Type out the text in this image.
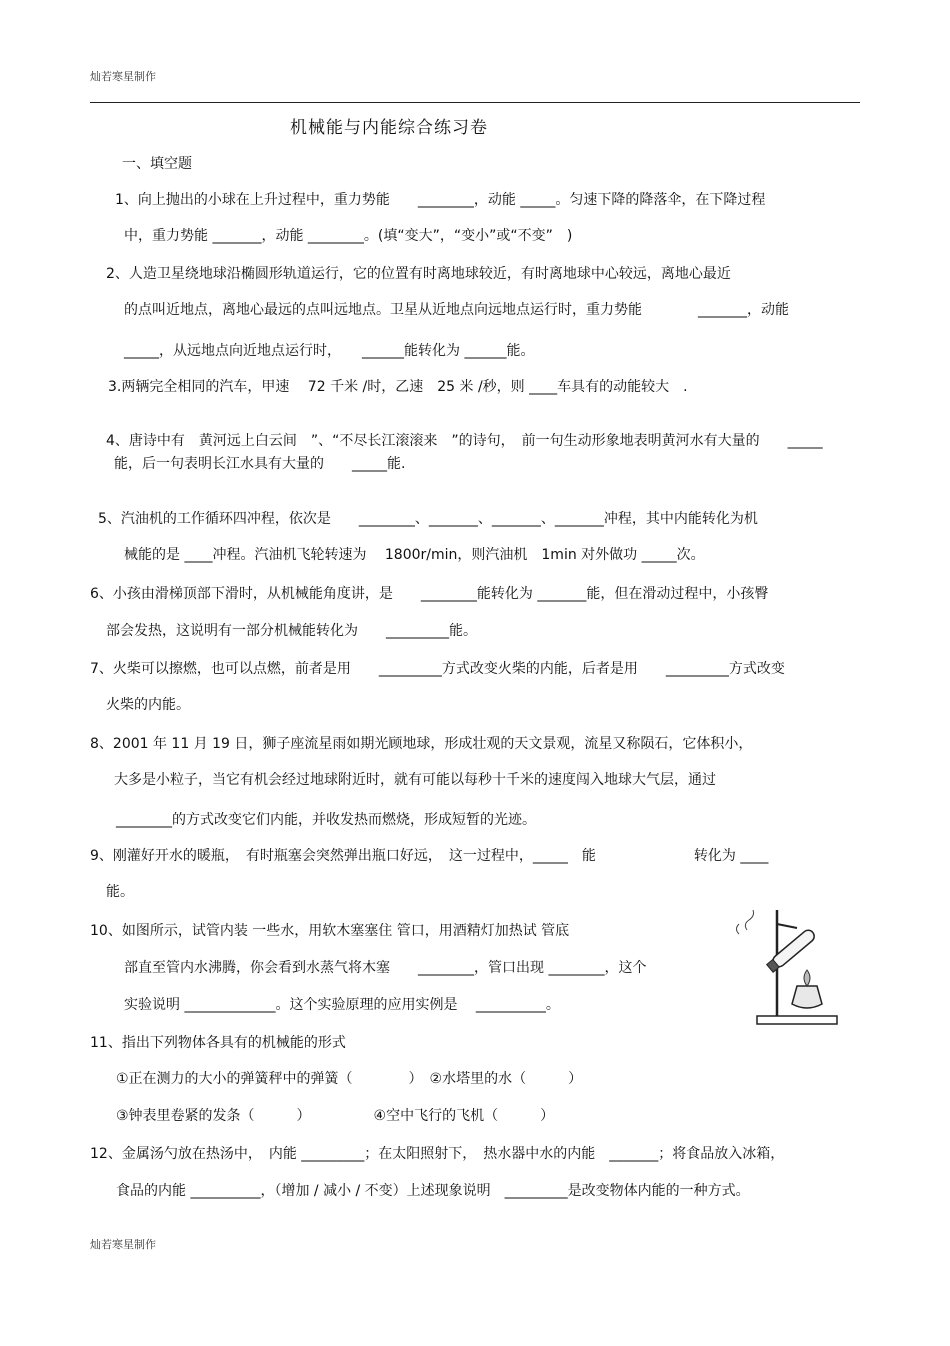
灿若寒星制作
机械能与内能综合练习卷
一、填空题
1、向上抛出的小球在上升过程中，重力势能　　________，动能 _____。匀速下降的降落伞，在下降过程
中，重力势能 _______，动能 ________。(填“变大”，“变小”或“不变”　)
2、人造卫星绕地球沿椭圆形轨道运行，它的位置有时离地球较近，有时离地球中心较远，离地心最近
的点叫近地点，离地心最远的点叫远地点。卫星从近地点向远地点运行时，重力势能　　　　_______，动能
_____，从远地点向近地点运行时，　　______能转化为 ______能。
3.两辆完全相同的汽车，甲速　 72 千米 /时，乙速　25 米 /秒，则 ____车具有的动能较大　.
4、唐诗中有　黄河远上白云间　”、“不尽长江滚滚来　”的诗句，　前一句生动形象地表明黄河水有大量的　　_____
能，后一句表明长江水具有大量的　　_____能.
5、汽油机的工作循环四冲程，依次是　　________、_______、_______、_______冲程，其中内能转化为机
械能的是 ____冲程。汽油机飞轮转速为　 1800r/min，则汽油机　1min 对外做功 _____次。
6、小孩由滑梯顶部下滑时，从机械能角度讲，是　　________能转化为 _______能，但在滑动过程中，小孩臀
部会发热，这说明有一部分机械能转化为　　_________能。
7、火柴可以擦燃，也可以点燃，前者是用　　_________方式改变火柴的内能，后者是用　　_________方式改变
火柴的内能。
8、2001 年 11 月 19 日，狮子座流星雨如期光顾地球，形成壮观的天文景观，流星又称陨石，它体积小，
大多是小粒子，当它有机会经过地球附近时，就有可能以每秒十千米的速度闯入地球大气层，通过
________的方式改变它们内能，并收发热而燃烧，形成短暂的光迹。
9、刚灌好开水的暖瓶，　有时瓶塞会突然弹出瓶口好远，　这一过程中，_____　能　　　　　　　转化为 ____
能。
10、如图所示，试管内装 一些水，用软木塞塞住 管口，用酒精灯加热试 管底
部直至管内水沸腾，你会看到水蒸气将木塞　　________，管口出现 ________，这个
实验说明 _____________。这个实验原理的应用实例是　 __________。
11、指出下列物体各具有的机械能的形式
①正在测力的大小的弹簧秤中的弹簧（　　　　）　②水塔里的水（　　　）
③钟表里卷紧的发条（　　　）　　　　　④空中飞行的飞机（　　　）
12、金属汤勺放在热汤中，　内能 _________；在太阳照射下，　热水器中水的内能　_______；将食品放入冰箱，
食品的内能 __________，（增加 / 减小 / 不变）上述现象说明　_________是改变物体内能的一种方式。
灿若寒星制作
